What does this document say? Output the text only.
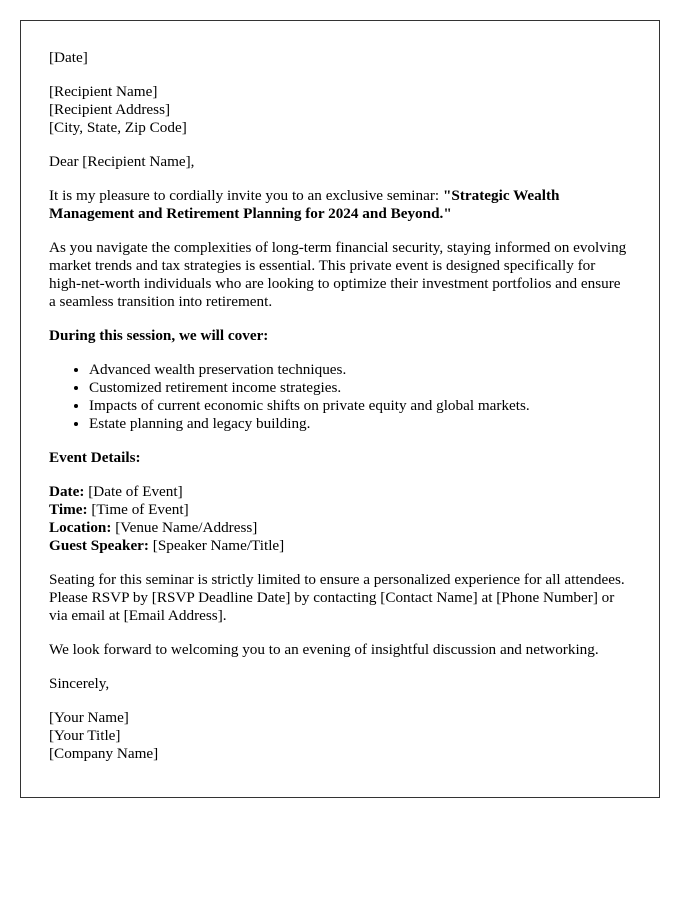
[Date]

[Recipient Name]
[Recipient Address]
[City, State, Zip Code]

Dear [Recipient Name],

It is my pleasure to cordially invite you to an exclusive seminar: "Strategic Wealth Management and Retirement Planning for 2024 and Beyond."

As you navigate the complexities of long-term financial security, staying informed on evolving market trends and tax strategies is essential. This private event is designed specifically for high-net-worth individuals who are looking to optimize their investment portfolios and ensure a seamless transition into retirement.

During this session, we will cover:

• Advanced wealth preservation techniques.
• Customized retirement income strategies.
• Impacts of current economic shifts on private equity and global markets.
• Estate planning and legacy building.

Event Details:

Date: [Date of Event]
Time: [Time of Event]
Location: [Venue Name/Address]
Guest Speaker: [Speaker Name/Title]

Seating for this seminar is strictly limited to ensure a personalized experience for all attendees. Please RSVP by [RSVP Deadline Date] by contacting [Contact Name] at [Phone Number] or via email at [Email Address].

We look forward to welcoming you to an evening of insightful discussion and networking.

Sincerely,

[Your Name]
[Your Title]
[Company Name]
